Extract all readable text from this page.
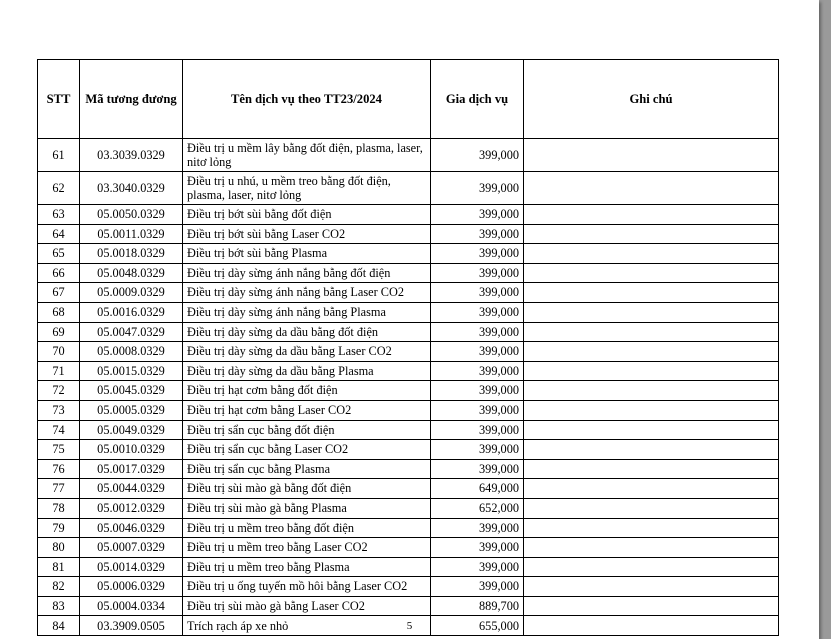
STT	Mã tương đương	Tên dịch vụ theo TT23/2024	Gia dịch vụ	Ghi chú
61	03.3039.0329	Điều trị u mềm lây bằng đốt điện, plasma, laser, nitơ lỏng	399,000	
62	03.3040.0329	Điều trị u nhú, u mềm treo bằng đốt điện, plasma, laser, nitơ lỏng	399,000	
63	05.0050.0329	Điều trị bớt sùi bằng đốt điện	399,000	
64	05.0011.0329	Điều trị bớt sùi bằng Laser CO2	399,000	
65	05.0018.0329	Điều trị bớt sùi bằng Plasma	399,000	
66	05.0048.0329	Điều trị dày sừng ánh nắng bằng đốt điện	399,000	
67	05.0009.0329	Điều trị dày sừng ánh nắng bằng Laser CO2	399,000	
68	05.0016.0329	Điều trị dày sừng ánh nắng bằng Plasma	399,000	
69	05.0047.0329	Điều trị dày sừng da dầu bằng đốt điện	399,000	
70	05.0008.0329	Điều trị dày sừng da dầu bằng Laser CO2	399,000	
71	05.0015.0329	Điều trị dày sừng da dầu bằng Plasma	399,000	
72	05.0045.0329	Điều trị hạt cơm bằng đốt điện	399,000	
73	05.0005.0329	Điều trị hạt cơm bằng Laser CO2	399,000	
74	05.0049.0329	Điều trị sẩn cục bằng đốt điện	399,000	
75	05.0010.0329	Điều trị sẩn cục bằng Laser CO2	399,000	
76	05.0017.0329	Điều trị sẩn cục bằng Plasma	399,000	
77	05.0044.0329	Điều trị sùi mào gà bằng đốt điện	649,000	
78	05.0012.0329	Điều trị sùi mào gà bằng Plasma	652,000	
79	05.0046.0329	Điều trị u mềm treo bằng đốt điện	399,000	
80	05.0007.0329	Điều trị u mềm treo bằng Laser CO2	399,000	
81	05.0014.0329	Điều trị u mềm treo bằng Plasma	399,000	
82	05.0006.0329	Điều trị u ống tuyến mồ hôi bằng Laser CO2	399,000	
83	05.0004.0334	Điều trị sùi mào gà bằng Laser CO2	889,700	
84	03.3909.0505	Trích rạch áp xe nhỏ	655,000	
5
